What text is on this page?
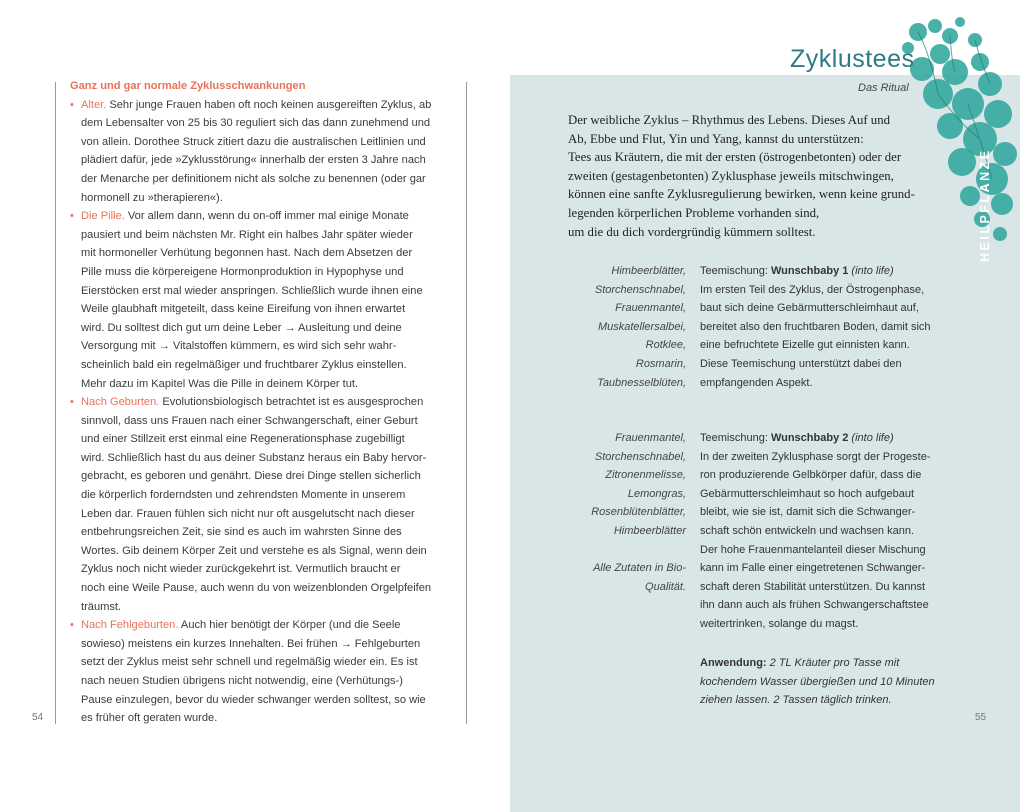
Ganz und gar normale Zyklusschwankungen
• Alter. Sehr junge Frauen haben oft noch keinen ausgereiften Zyklus, ab
dem Lebensalter von 25 bis 30 reguliert sich das dann zunehmend und
von allein. Dorothee Struck zitiert dazu die australischen Leitlinien und
plädiert dafür, jede »Zyklusstörung« innerhalb der ersten 3 Jahre nach
der Menarche per definitionem nicht als solche zu benennen (oder gar
hormonell zu »therapieren«).
• Die Pille. Vor allem dann, wenn du on-off immer mal einige Monate
pausiert und beim nächsten Mr. Right ein halbes Jahr später wieder
mit hormoneller Verhütung begonnen hast. Nach dem Absetzen der
Pille muss die körpereigene Hormonproduktion in Hypophyse und
Eierstöcken erst mal wieder anspringen. Schließlich wurde ihnen eine
Weile glaubhaft mitgeteilt, dass keine Eireifung von ihnen erwartet
wird. Du solltest dich gut um deine Leber → Ausleitung und deine
Versorgung mit → Vitalstoffen kümmern, es wird sich sehr wahr-
scheinlich bald ein regelmäßiger und fruchtbarer Zyklus einstellen.
Mehr dazu im Kapitel Was die Pille in deinem Körper tut.
• Nach Geburten. Evolutionsbiologisch betrachtet ist es ausgesprochen
sinnvoll, dass uns Frauen nach einer Schwangerschaft, einer Geburt
und einer Stillzeit erst einmal eine Regenerationsphase zugebilligt
wird. Schließlich hast du aus deiner Substanz heraus ein Baby hervor-
gebracht, es geboren und genährt. Diese drei Dinge stellen sicherlich
die körperlich forderndsten und zehrendsten Momente in unserem
Leben dar. Frauen fühlen sich nicht nur oft ausgelutscht nach dieser
entbehrungsreichen Zeit, sie sind es auch im wahrsten Sinne des
Wortes. Gib deinem Körper Zeit und verstehe es als Signal, wenn dein
Zyklus noch nicht wieder zurückgekehrt ist. Vermutlich braucht er
noch eine Weile Pause, auch wenn du von weizenblonden Orgelpfeifen
träumst.
• Nach Fehlgeburten. Auch hier benötigt der Körper (und die Seele
sowieso) meistens ein kurzes Innehalten. Bei frühen → Fehlgeburten
setzt der Zyklus meist sehr schnell und regelmäßig wieder ein. Es ist
nach neuen Studien übrigens nicht notwendig, eine (Verhütungs-)
Pause einzulegen, bevor du wieder schwanger werden solltest, so wie
es früher oft geraten wurde.
54
Zyklustees
Das Ritual
HEILPFLANZE
Der weibliche Zyklus – Rhythmus des Lebens. Dieses Auf und
Ab, Ebbe und Flut, Yin und Yang, kannst du unterstützen:
Tees aus Kräutern, die mit der ersten (östrogenbetonten) oder der
zweiten (gestagenbetonten) Zyklusphase jeweils mitschwingen,
können eine sanfte Zyklusregulierung bewirken, wenn keine grund-
legenden körperlichen Probleme vorhanden sind,
um die du dich vordergründig kümmern solltest.
Himbeerblätter,
Storchenschnabel,
Frauenmantel,
Muskatellersalbei,
Rotklee,
Rosmarin,
Taubnesselblüten,
Teemischung: Wunschbaby 1 (into life)
Im ersten Teil des Zyklus, der Östrogenphase,
baut sich deine Gebärmutterschleimhaut auf,
bereitet also den fruchtbaren Boden, damit sich
eine befruchtete Eizelle gut einnisten kann.
Diese Teemischung unterstützt dabei den
empfangenden Aspekt.
Frauenmantel,
Storchenschnabel,
Zitronenmelisse,
Lemongras,
Rosenblütenblätter,
Himbeerblätter

Alle Zutaten in Bio-
Qualität.
Teemischung: Wunschbaby 2 (into life)
In der zweiten Zyklusphase sorgt der Progeste-
ron produzierende Gelbkörper dafür, dass die
Gebärmutterschleimhaut so hoch aufgebaut
bleibt, wie sie ist, damit sich die Schwanger-
schaft schön entwickeln und wachsen kann.
Der hohe Frauenmantelanteil dieser Mischung
kann im Falle einer eingetretenen Schwanger-
schaft deren Stabilität unterstützen. Du kannst
ihn dann auch als frühen Schwangerschaftstee
weitertrinken, solange du magst.
Anwendung: 2 TL Kräuter pro Tasse mit
kochendem Wasser übergießen und 10 Minuten
ziehen lassen. 2 Tassen täglich trinken.
55
